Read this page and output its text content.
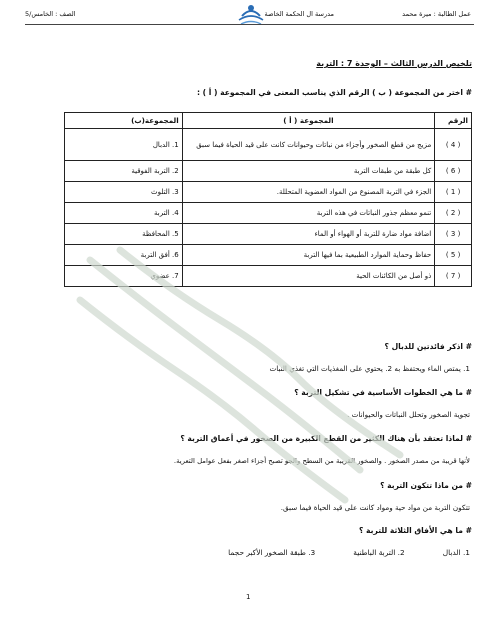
عمل الطالبة : ميرة محمد
مدرسة ال الحكمة الخاصة
الصف : الخامس/5
تلخيص الدرس الثالث – الوحدة 7 : التربة
# اختر من المجموعة ( ب ) الرقم الذي يناسب المعنى في المجموعة ( أ ) :
الرقم	المجموعة ( أ )	المجموعة(ب)
( 4 )	مزيج من قطع الصخور وأجزاء من نباتات وحيوانات كانت على قيد الحياة فيما سبق	1. الدبال
( 6 )	كل طبقة من طبقات التربة	2. التربة الفوقية
( 1 )	الجزء في التربة المصنوع من المواد العضوية المتحللة.	3. التلوث
( 2 )	تنمو معظم جذور النباتات في هذه التربة	4. التربة
( 3 )	اضافة مواد ضارة للتربة أو الهواء أو الماء	5. المحافظة
( 5 )	حفاظ وحماية الموارد الطبيعية بما فيها التربة	6. أفق التربة
( 7 )	ذو أصل من الكائنات الحية	7. عضوي
# اذكر فائدتين للدبال ؟
1. يمتص الماء ويحتفظ به 2. يحتوي على المغذيات التي تغذي النبات
# ما هي الخطوات الأساسية في تشكيل التربة ؟
تجوية الصخور وتحلل النباتات والحيوانات .
# لماذا تعتقد بأن هناك الكثير من القطع الكبيرة من الصخور في أعماق التربة ؟
لأنها قريبة من مصدر الصخور . والصخور القريبة من السطح والجو تصبح أجزاء اصغر بفعل عوامل التعرية.
# من ماذا تتكون التربة ؟
تتكون التربة من مواد حية ومواد كانت على قيد الحياة فيما سبق.
# ما هي الأفاق الثلاثة للتربة ؟
1. الدبال
2. التربة الباطنية
3. طبقة الصخور الأكبر حجما
1
